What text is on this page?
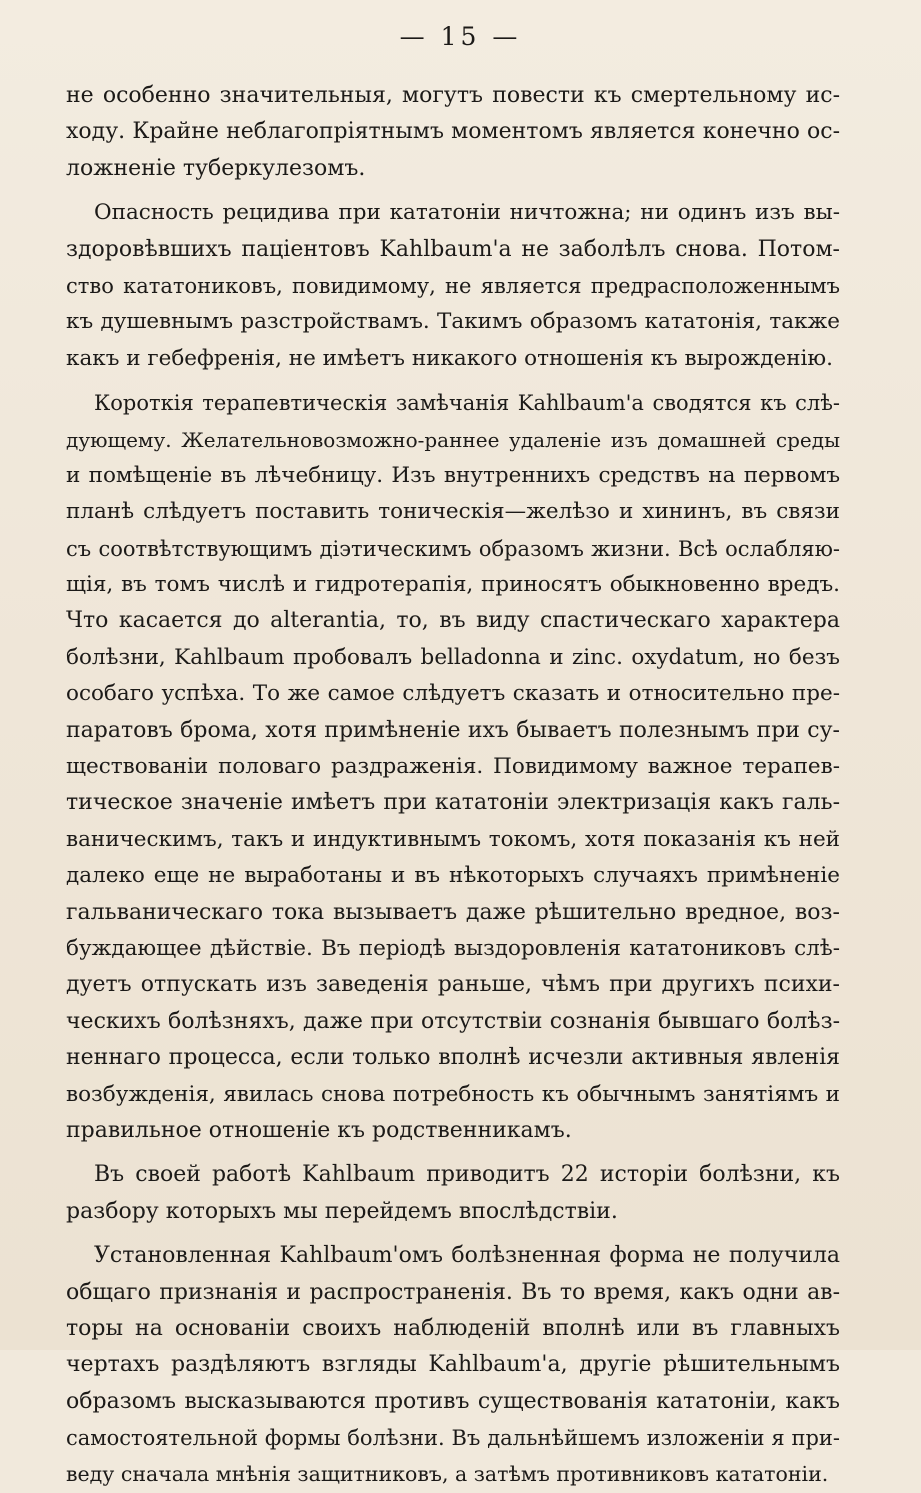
— 15 —
не особенно значительныя, могутъ повести къ смертельному ис-
ходу. Крайне неблагопріятнымъ моментомъ является конечно ос-
ложненіе туберкулезомъ.
Опасность рецидива при кататоніи ничтожна; ни одинъ изъ вы-
здоровѣвшихъ пaціентовъ Kahlbaum'a не заболѣлъ снова. Потом-
ство кататониковъ, повидимому, не является предрасположеннымъ
къ душевнымъ разстройствамъ. Такимъ образомъ кататонія, также
какъ и гебефренія, не имѣетъ никакого отношенія къ вырожденію.
Короткія терапевтическія замѣчанія Kahlbaum'a сводятся къ слѣ-
дующему. Желательновозможно-раннее удаленіе изъ домашней среды
и помѣщеніе въ лѣчебницу. Изъ внутреннихъ средствъ на первомъ
планѣ слѣдуетъ поставить тоническія—желѣзо и хининъ, въ связи
съ соотвѣтствующимъ діэтическимъ образомъ жизни. Всѣ ослабляю-
щія, въ томъ числѣ и гидротерапія, приносятъ обыкновенно вредъ.
Что касается до alterantia, то, въ виду спастическаго характера
болѣзни, Kahlbaum пробовалъ belladonna и zinc. oxydatum, но безъ
особаго успѣха. То же самое слѣдуетъ сказать и относительно пре-
паратовъ брома, хотя примѣненіе ихъ бываетъ полезнымъ при су-
ществованіи половаго раздраженія. Повидимому важное терапев-
тическое значеніе имѣетъ при кататоніи электризація какъ галь-
ваническимъ, такъ и индуктивнымъ токомъ, хотя показанія къ ней
далеко еще не выработаны и въ нѣкоторыхъ случаяхъ примѣненіе
гальваническаго тока вызываетъ даже рѣшительно вредное, воз-
буждающее дѣйствіе. Въ періодѣ выздоровленія кататониковъ слѣ-
дуетъ отпускать изъ заведенія раньше, чѣмъ при другихъ психи-
ческихъ болѣзняхъ, даже при отсутствіи сознанія бывшаго болѣз-
неннаго процесса, если только вполнѣ исчезли активныя явленія
возбужденія, явилась снова потребность къ обычнымъ занятіямъ и
правильное отношеніе къ родственникамъ.
Въ своей работѣ Kahlbaum приводитъ 22 исторіи болѣзни, къ
разбору которыхъ мы перейдемъ впослѣдствіи.
Установленная Kahlbaum'омъ болѣзненная форма не получила
общаго признанія и распространенія. Въ то время, какъ одни ав-
торы на основаніи своихъ наблюденій вполнѣ или въ главныхъ
чертахъ раздѣляютъ взгляды Kahlbaum'a, другіе рѣшительнымъ
образомъ высказываются противъ существованія кататоніи, какъ
самостоятельной формы болѣзни. Въ дальнѣйшемъ изложеніи я при-
веду сначала мнѣнія защитниковъ, а затѣмъ противниковъ кататоніи.
